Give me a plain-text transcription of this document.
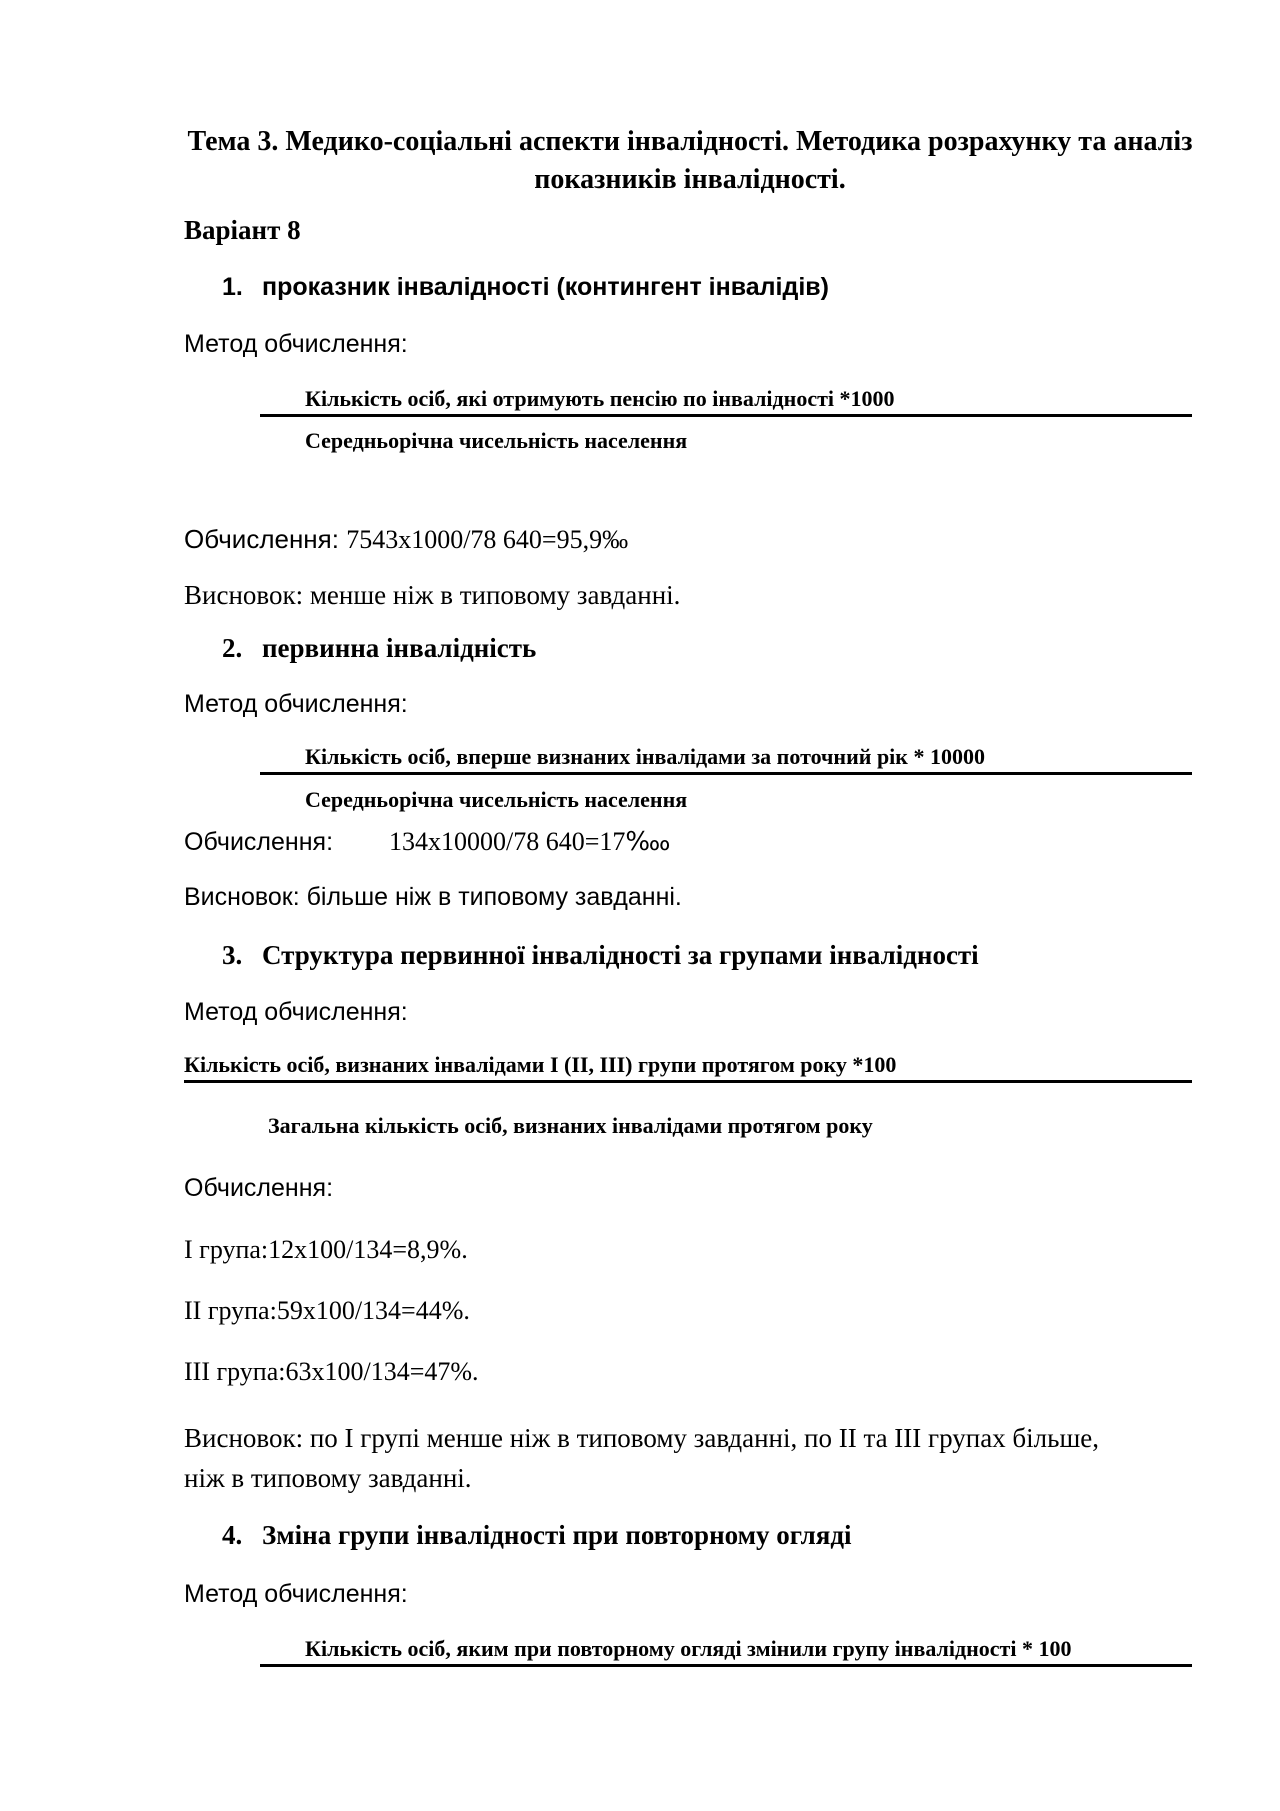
Тема 3. Медико-соціальні аспекти інвалідності. Методика розрахунку та аналіз показників інвалідності.
Варіант 8
1. проказник інвалідності (контингент інвалідів)
Метод обчислення:
Кількість осіб, які отримують пенсію по інвалідності *1000
Середньорічна чисельність населення
Обчислення: 7543x1000/78 640=95,9‰
Висновок: менше ніж в типовому завданні.
2. первинна інвалідність
Метод обчислення:
Кількість осіб, вперше визнаних інвалідами за поточний рік * 10000
Середньорічна чисельність населення
Обчислення: 134x10000/78 640=17‱
Висновок: більше ніж в типовому завданні.
3. Структура первинної інвалідності за групами інвалідності
Метод обчислення:
Кількість осіб, визнаних інвалідами I (II, III) групи протягом року *100
Загальна кількість осіб, визнаних інвалідами протягом року
Обчислення:
I група:12x100/134=8,9%.
II група:59x100/134=44%.
III група:63x100/134=47%.
Висновок: по I групі менше ніж в типовому завданні, по II та III групах більше, ніж в типовому завданні.
4. Зміна групи інвалідності при повторному огляді
Метод обчислення:
Кількість осіб, яким при повторному огляді змінили групу інвалідності * 100
